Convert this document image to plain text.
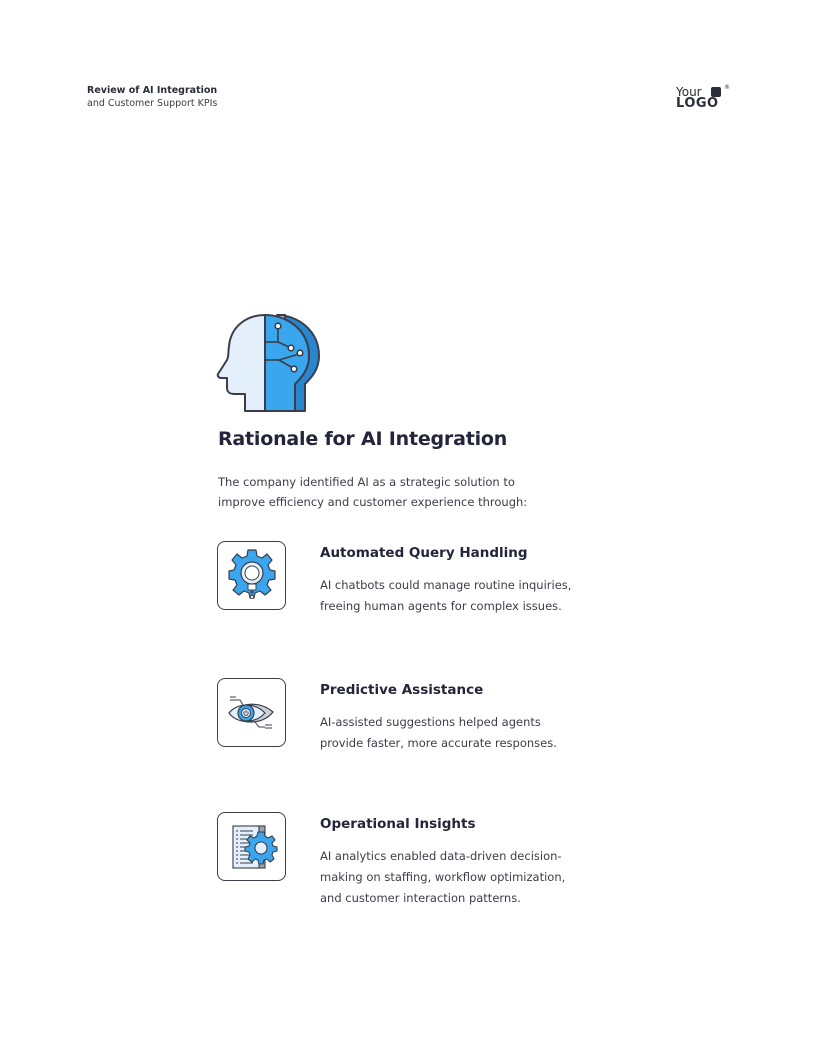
Review of AI Integration
and Customer Support KPIs
Your	®
LOGO
Rationale for AI Integration
The company identified AI as a strategic solution to improve efficiency and customer experience through:
Automated Query Handling
AI chatbots could manage routine inquiries, freeing human agents for complex issues.
Predictive Assistance
AI-assisted suggestions helped agents provide faster, more accurate responses.
Operational Insights
AI analytics enabled data-driven decision-making on staffing, workflow optimization, and customer interaction patterns.
